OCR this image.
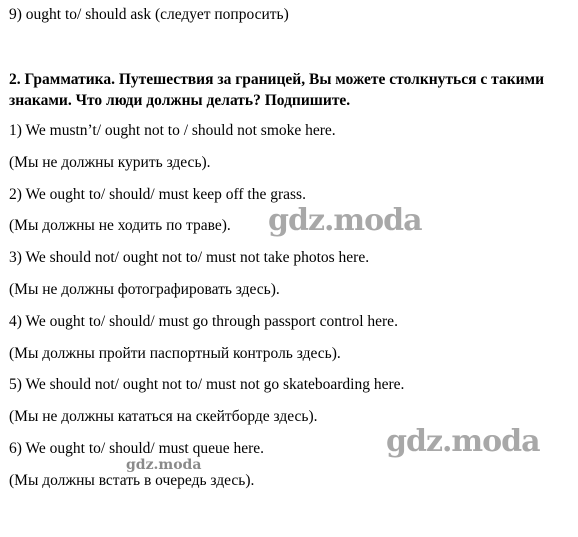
9) ought to/ should ask (следует попросить)
2. Грамматика. Путешествия за границей, Вы можете столкнуться с такими знаками. Что люди должны делать? Подпишите.
1) We mustn’t/ ought not to / should not smoke here.
(Мы не должны курить здесь).
2) We ought to/ should/ must keep off the grass.
(Мы должны не ходить по траве).
3) We should not/ ought not to/ must not take photos here.
(Мы не должны фотографировать здесь).
4) We ought to/ should/ must go through passport control here.
(Мы должны пройти паспортный контроль здесь).
5) We should not/ ought not to/ must not go skateboarding here.
(Мы не должны кататься на скейтборде здесь).
6) We ought to/ should/ must queue here.
(Мы должны встать в очередь здесь).
gdz.moda
gdz.moda
gdz.moda
